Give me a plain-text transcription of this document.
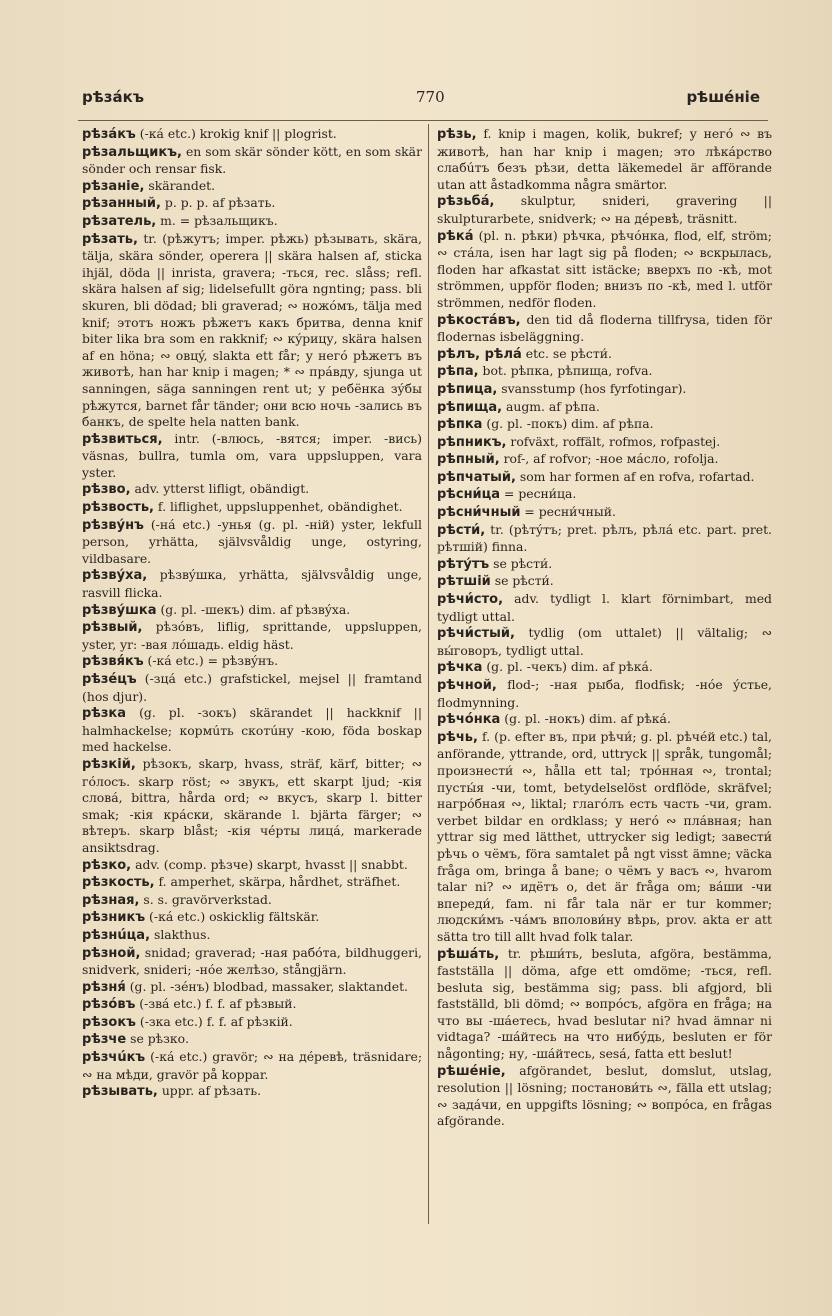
рѣзáкъ	770	рѣшéніе

рѣзáкъ (-кá etc.) krokig knif || plogrist.

рѣзальщикъ, en som skär sönder kött, en som skär sönder och rensar fisk.

рѣзаніе, skärandet.

рѣзанный, p. p. p. af рѣзать.

рѣзатель, m. = рѣзальщикъ.

рѣзать, tr. (рѣжутъ; imper. рѣжь) рѣзывать, skära, tälja, skära sönder, operera || skära halsen af, sticka ihjäl, döda || inrista, gravera; -ться, rec. slåss; refl. skära halsen af sig; lidelsefullt göra ngnting; pass. bli skuren, bli dödad; bli graverad; ∾ ножóмъ, tälja med knif; этотъ ножъ рѣжетъ какъ бритва, denna knif biter lika bra som en rakknif; ∾ кýрицу, skära halsen af en höna; ∾ овцý, slakta ett får; у негó рѣжетъ въ животѣ, han har knip i magen; * ∾ прáвду, sjunga ut sanningen, säga sanningen rent ut; у ребёнка зýбы рѣжутся, barnet får tänder; они всю ночь -зались въ банкъ, de spelte hela natten bank.

рѣзвиться, intr. (-влюсь, -вятся; imper. -вись) väsnas, bullra, tumla om, vara uppsluppen, vara yster.

рѣзво, adv. ytterst lifligt, obändigt.

рѣзвость, f. liflighet, uppsluppenhet, obändighet.

рѣзвýнъ (-нá etc.) -унья (g. pl. -ній) yster, lekfull person, yrhätta, självsvåldig unge, ostyring, vildbasare.

рѣзвýха, рѣзвýшка, yrhätta, självsvåldig unge, rasvill flicka.

рѣзвýшка (g. pl. -шекъ) dim. af рѣзвýха.

рѣзвый, рѣзóвъ, liflig, sprittande, uppsluppen, yster, yr: -вая лóшадь. eldig häst.

рѣзвя́къ (-кá etc.) = рѣзвýнъ.

рѣзéцъ (-зцá etc.) grafstickel, mejsel || framtand (hos djur).

рѣзка (g. pl. -зокъ) skärandet || hackknif || halmhackelse; кормúть скотúну -кою, föda boskap med hackelse.

рѣзкій, рѣзокъ, skarp, hvass, sträf, kärf, bitter; ∾ гóлосъ. skarp röst; ∾ звукъ, ett skarpt ljud; -кія словá, bittra, hårda ord; ∾ вкусъ, skarp l. bitter smak; -кія крáски, skärande l. bjärta färger; ∾ вѣтеръ. skarp blåst; -кія чéрты лицá, markerade ansiktsdrag.

рѣзко, adv. (comp. рѣзче) skarpt, hvasst || snabbt.

рѣзкость, f. amperhet, skärpa, hårdhet, sträfhet.

рѣзная, s. s. gravörverkstad.

рѣзникъ (-кá etc.) oskicklig fältskär.

рѣзнúца, slakthus.

рѣзной, snidad; graverad; -ная рабóта, bildhuggeri, snidverk, snideri; -нóе желѣзо, stångjärn.

рѣзня́ (g. pl. -зéнъ) blodbad, massaker, slaktandet.

рѣзóвъ (-звá etc.) f. f. af рѣзвый.

рѣзокъ (-зка etc.) f. f. af рѣзкій.

рѣзче se рѣзко.

рѣзчúкъ (-кá etc.) gravör; ∾ на дéревѣ, träsnidare; ∾ на мѣди, gravör på koppar.

рѣзывать, uppr. af рѣзать.

рѣзь, f. knip i magen, kolik, bukref; у негó ∾ въ животѣ, han har knip i magen; это лѣкáрство слабúтъ безъ рѣзи, detta läkemedel är afförande utan att åstadkomma några smärtor.

рѣзьбá, skulptur, snideri, gravering || skulpturarbete, snidverk; ∾ на дéревѣ, träsnitt.

рѣкá (pl. n. рѣки) рѣчка, рѣчóнка, flod, elf, ström; ∾ стáла, isen har lagt sig på floden; ∾ вскрылась, floden har afkastat sitt istäcke; вверхъ по -кѣ, mot strömmen, uppför floden; внизъ по -кѣ, med l. utför strömmen, nedför floden.

рѣкостáвъ, den tid då floderna tillfrysa, tiden för flodernas isbeläggning.

рѣлъ, рѣлá etc. se рѣсти́.

рѣпа, bot. рѣпка, рѣпища, rofva.

рѣпица, svansstump (hos fyrfotingar).

рѣпища, augm. af рѣпа.

рѣпка (g. pl. -покъ) dim. af рѣпа.

рѣпникъ, rofväxt, roffält, rofmos, rofpastej.

рѣпный, rof-, af rofvor; -ное мáсло, rofolja.

рѣпчатый, som har formen af en rofva, rofartad.

рѣсни́ца = ресни́ца.

рѣсни́чный = ресни́чный.

рѣсти́, tr. (рѣтýтъ; pret. рѣлъ, рѣлá etc. part. pret. рѣтшій) finna.

рѣтýтъ se рѣсти́.

рѣтшій se рѣсти́.

рѣчи́сто, adv. tydligt l. klart förnimbart, med tydligt uttal.

рѣчи́стый, tydlig (om uttalet) || vältalig; ∾ вы́говоръ, tydligt uttal.

рѣчка (g. pl. -чекъ) dim. af рѣкá.

рѣчной, flod-; -ная рыба, flodfisk; -нóе ýстье, flodmynning.

рѣчóнка (g. pl. -нокъ) dim. af рѣкá.

рѣчь, f. (p. efter въ, при рѣчи́; g. pl. рѣчéй etc.) tal, anförande, yttrande, ord, uttryck || språk, tungomål; произнести́ ∾, hålla ett tal; трóнная ∾, trontal; пусты́я -чи, tomt, betydelselöst ordflöde, skräfvel; нагрóбная ∾, liktal; глагóлъ есть часть -чи, gram. verbet bildar en ordklass; у негó ∾ плáвная; han yttrar sig med lätthet, uttrycker sig ledigt; завести́ рѣчь о чёмъ, föra samtalet på ngt visst ämne; väcka fråga om, bringa å bane; о чёмъ у васъ ∾, hvarom talar ni? ∾ идётъ о, det är fråga om; вáши -чи впереди́, fam. ni får tala när er tur kommer; людски́мъ -чáмъ вполови́ну вѣрь, prov. akta er att sätta tro till allt hvad folk talar.

рѣшáть, tr. рѣши́ть, besluta, afgöra, bestämma, fastställa || döma, afge ett omdöme; -ться, refl. besluta sig, bestämma sig; pass. bli afgjord, bli fastställd, bli dömd; ∾ вопрóсъ, afgöra en fråga; на что вы -шáетесь, hvad beslutar ni? hvad ämnar ni vidtaga? -шáйтесь на что нибýдь, besluten er för någonting; ну, -шáйтесь, sesá, fatta ett beslut!

рѣшéніе, afgörandet, beslut, domslut, utslag, resolution || lösning; постанови́ть ∾, fälla ett utslag; ∾ задáчи, en uppgifts lösning; ∾ вопрóса, en frågas afgörande.
